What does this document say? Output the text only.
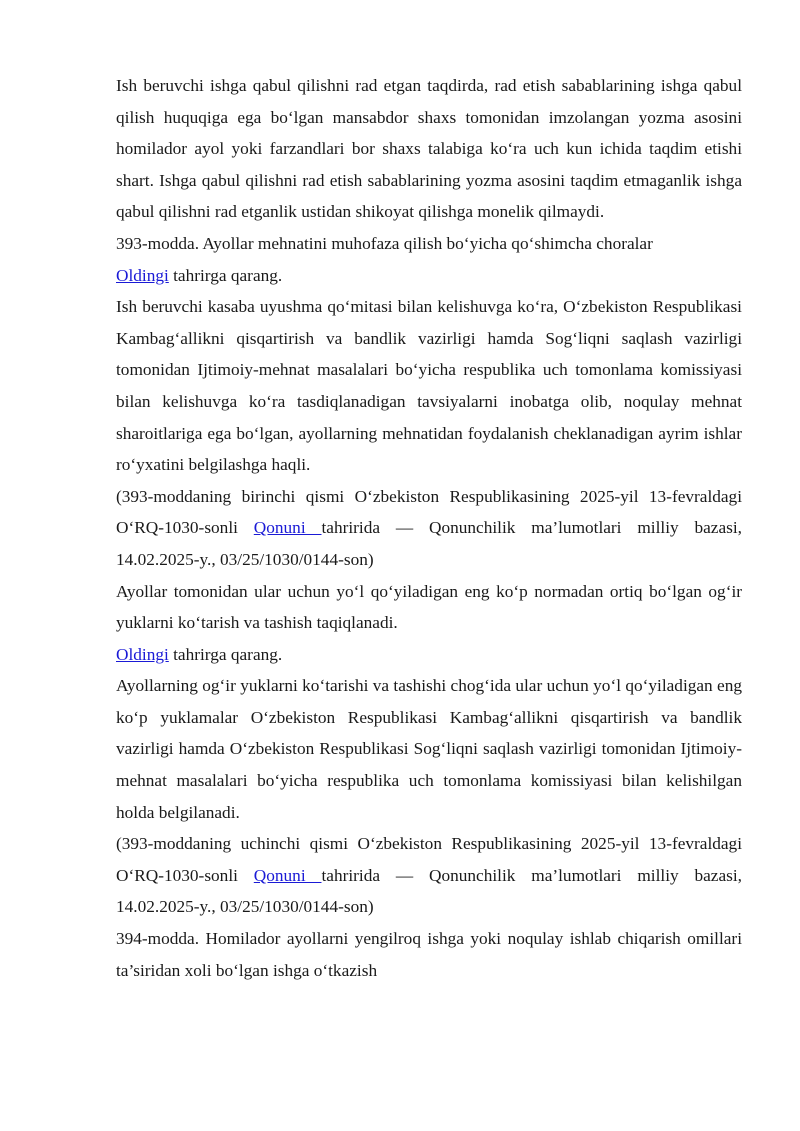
Ish beruvchi ishga qabul qilishni rad etgan taqdirda, rad etish sabablarining ishga qabul qilish huquqiga ega bo‘lgan mansabdor shaxs tomonidan imzolangan yozma asosini homilador ayol yoki farzandlari bor shaxs talabiga ko‘ra uch kun ichida taqdim etishi shart. Ishga qabul qilishni rad etish sabablarining yozma asosini taqdim etmaganlik ishga qabul qilishni rad etganlik ustidan shikoyat qilishga monelik qilmaydi.

393-modda. Ayollar mehnatini muhofaza qilish bo‘yicha qo‘shimcha choralar

Oldingi tahrirga qarang.

Ish beruvchi kasaba uyushma qo‘mitasi bilan kelishuvga ko‘ra, O‘zbekiston Respublikasi Kambag‘allikni qisqartirish va bandlik vazirligi hamda Sog‘liqni saqlash vazirligi tomonidan Ijtimoiy-mehnat masalalari bo‘yicha respublika uch tomonlama komissiyasi bilan kelishuvga ko‘ra tasdiqlanadigan tavsiyalarni inobatga olib, noqulay mehnat sharoitlariga ega bo‘lgan, ayollarning mehnatidan foydalanish cheklanadigan ayrim ishlar ro‘yxatini belgilashga haqli.

(393-moddaning birinchi qismi O‘zbekiston Respublikasining 2025-yil 13-fevraldagi O‘RQ-1030-sonli Qonuni tahririda — Qonunchilik ma’lumotlari milliy bazasi, 14.02.2025-y., 03/25/1030/0144-son)

Ayollar tomonidan ular uchun yo‘l qo‘yiladigan eng ko‘p normadan ortiq bo‘lgan og‘ir yuklarni ko‘tarish va tashish taqiqlanadi.

Oldingi tahrirga qarang.

Ayollarning og‘ir yuklarni ko‘tarishi va tashishi chog‘ida ular uchun yo‘l qo‘yiladigan eng ko‘p yuklamalar O‘zbekiston Respublikasi Kambag‘allikni qisqartirish va bandlik vazirligi hamda O‘zbekiston Respublikasi Sog‘liqni saqlash vazirligi tomonidan Ijtimoiy-mehnat masalalari bo‘yicha respublika uch tomonlama komissiyasi bilan kelishilgan holda belgilanadi.

(393-moddaning uchinchi qismi O‘zbekiston Respublikasining 2025-yil 13-fevraldagi O‘RQ-1030-sonli Qonuni tahririda — Qonunchilik ma’lumotlari milliy bazasi, 14.02.2025-y., 03/25/1030/0144-son)

394-modda. Homilador ayollarni yengilroq ishga yoki noqulay ishlab chiqarish omillari ta’siridan xoli bo‘lgan ishga o‘tkazish
